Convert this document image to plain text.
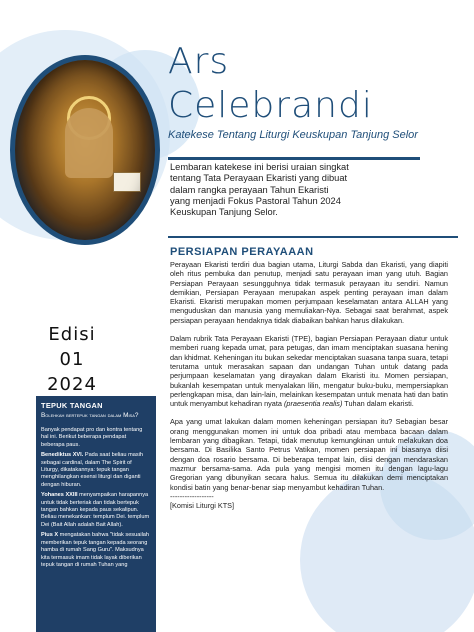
Ars
Celebrandi
Katekese Tentang Liturgi Keuskupan Tanjung Selor
Lembaran katekese ini berisi uraian singkat tentang Tata Perayaan Ekaristi yang dibuat dalam rangka perayaan Tahun Ekaristi yang menjadi Fokus Pastoral Tahun 2024 Keuskupan Tanjung Selor.
Edisi
01
2024
TEPUK TANGAN
Bolehkah bertepuk tangan dalam Misa?

Banyak pendapat pro dan kontra tentang hal ini. Berikut beberapa pendapat beberapa paus.

Benediktus XVI. Pada saat beliau masih sebagai cardinal, dalam The Spirit of Liturgy, dikatakannya: tepuk tangan menghilangkan esensi liturgi dan diganti dengan hiburan.

Yohanes XXIII menyampaikan harapannya untuk tidak berteriak dan tidak bertepuk tangan bahkan kepada paus sekalipun. Beliau menekankan: templum Dei. templum Dei (Bait Allah adalah Bait Allah).

Pius X mengatakan bahwa "tidak sesuailah memberikan tepuk tangan kepada seorang hamba di rumah Sang Guru". Maksudnya kita termasuk imam tidak layak diberikan tepuk tangan di rumah Tuhan yang

PERSIAPAN PERAYAAAN

Perayaan Ekaristi terdiri dua bagian utama, Liturgi Sabda dan Ekaristi, yang diapiti oleh ritus pembuka dan penutup, menjadi satu perayaan iman yang utuh. Bagian Persiapan Perayaan sesungguhnya tidak termasuk perayaan itu sendiri. Namun demikian, Persiapan Perayaan merupakan aspek penting perayaan iman dalam Ekaristi. Ekaristi merupakan momen perjumpaan keselamatan antara ALLAH yang menguduskan dan manusia yang memuliakan-Nya. Sebagai saat berahmat, aspek persiapan perayaan hendaknya tidak diabaikan bahkan harus dilakukan.

Dalam rubrik Tata Perayaan Ekaristi (TPE), bagian Persiapan Perayaan diatur untuk memberi ruang kepada umat, para petugas, dan imam menciptakan suasana hening dan khidmat. Keheningan itu bukan sekedar menciptakan suasana tanpa suara, tetapi terutama untuk merasakan sapaan dan undangan Tuhan untuk datang pada perjumpaan keselamatan yang dirayakan dalam Ekaristi itu. Momen persiapan, bukanlah kesempatan untuk menyalakan lilin, mengatur buku-buku, mempersiapkan perlengkapan misa, dan lain-lain, melainkan kesempatan untuk menata hati dan batin untuk menyambut kehadiran nyata (praesentia realis) Tuhan dalam ekaristi.

Apa yang umat lakukan dalam momen keheningan persiapan itu? Sebagian besar orang menggunakan momen ini untuk doa pribadi atau membaca bacaan dalam lembaran yang dibagikan. Tetapi, tidak menutup kemungkinan untuk melakukan doa bersama. Di Basilika Santo Petrus Vatikan, momen persiapan ini biasanya diisi dengan doa rosario bersama. Di beberapa tempat lain, diisi dengan mendaraskan mazmur bersama-sama. Ada pula yang mengisi momen itu dengan lagu-lagu Gregorian yang dibunyikan secara halus. Semua itu dilakukan demi menciptakan kondisi batin yang benar-benar siap menyambut kehadiran Tuhan.

------------------
[Komisi Liturgi KTS]
